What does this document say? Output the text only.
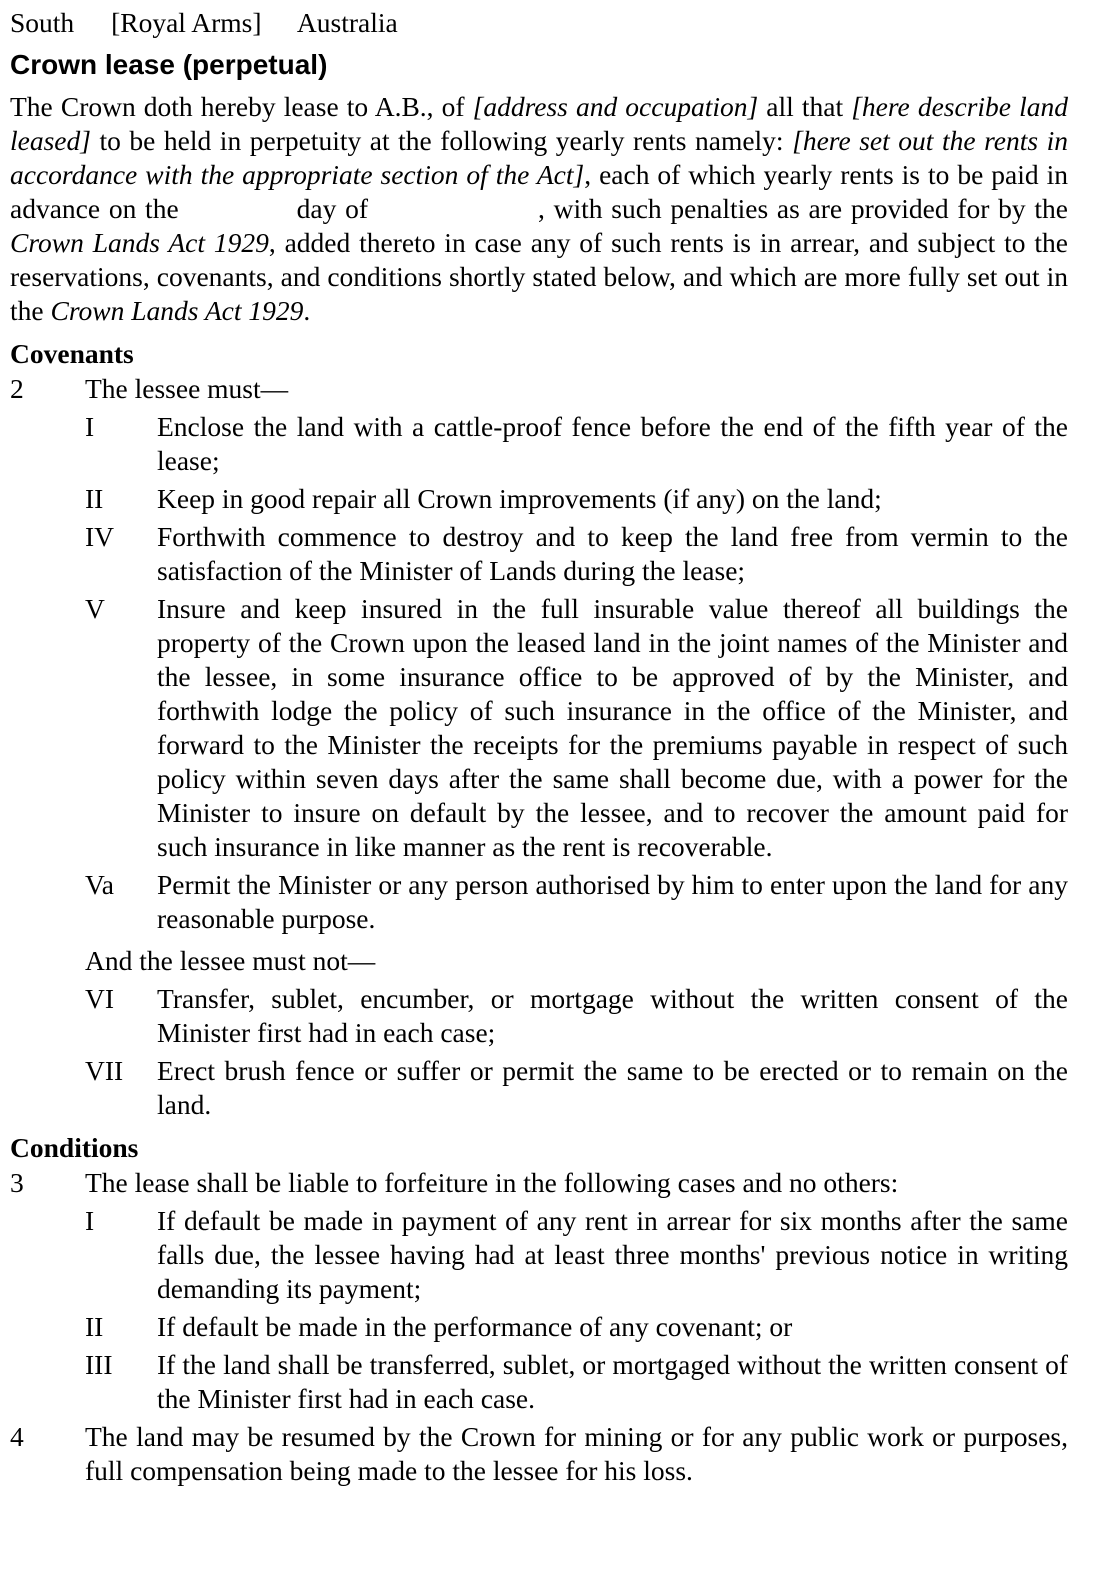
South [Royal Arms] Australia
Crown lease (perpetual)
The Crown doth hereby lease to A.B., of [address and occupation] all that [here describe land leased] to be held in perpetuity at the following yearly rents namely: [here set out the rents in accordance with the appropriate section of the Act], each of which yearly rents is to be paid in advance on the	day of	, with such penalties as are provided for by the Crown Lands Act 1929, added thereto in case any of such rents is in arrear, and subject to the reservations, covenants, and conditions shortly stated below, and which are more fully set out in the Crown Lands Act 1929.
Covenants
2	The lessee must—
I	Enclose the land with a cattle-proof fence before the end of the fifth year of the lease;
II	Keep in good repair all Crown improvements (if any) on the land;
IV	Forthwith commence to destroy and to keep the land free from vermin to the satisfaction of the Minister of Lands during the lease;
V	Insure and keep insured in the full insurable value thereof all buildings the property of the Crown upon the leased land in the joint names of the Minister and the lessee, in some insurance office to be approved of by the Minister, and forthwith lodge the policy of such insurance in the office of the Minister, and forward to the Minister the receipts for the premiums payable in respect of such policy within seven days after the same shall become due, with a power for the Minister to insure on default by the lessee, and to recover the amount paid for such insurance in like manner as the rent is recoverable.
Va	Permit the Minister or any person authorised by him to enter upon the land for any reasonable purpose.
And the lessee must not—
VI	Transfer, sublet, encumber, or mortgage without the written consent of the Minister first had in each case;
VII	Erect brush fence or suffer or permit the same to be erected or to remain on the land.
Conditions
3	The lease shall be liable to forfeiture in the following cases and no others:
I	If default be made in payment of any rent in arrear for six months after the same falls due, the lessee having had at least three months' previous notice in writing demanding its payment;
II	If default be made in the performance of any covenant; or
III	If the land shall be transferred, sublet, or mortgaged without the written consent of the Minister first had in each case.
4	The land may be resumed by the Crown for mining or for any public work or purposes, full compensation being made to the lessee for his loss.
